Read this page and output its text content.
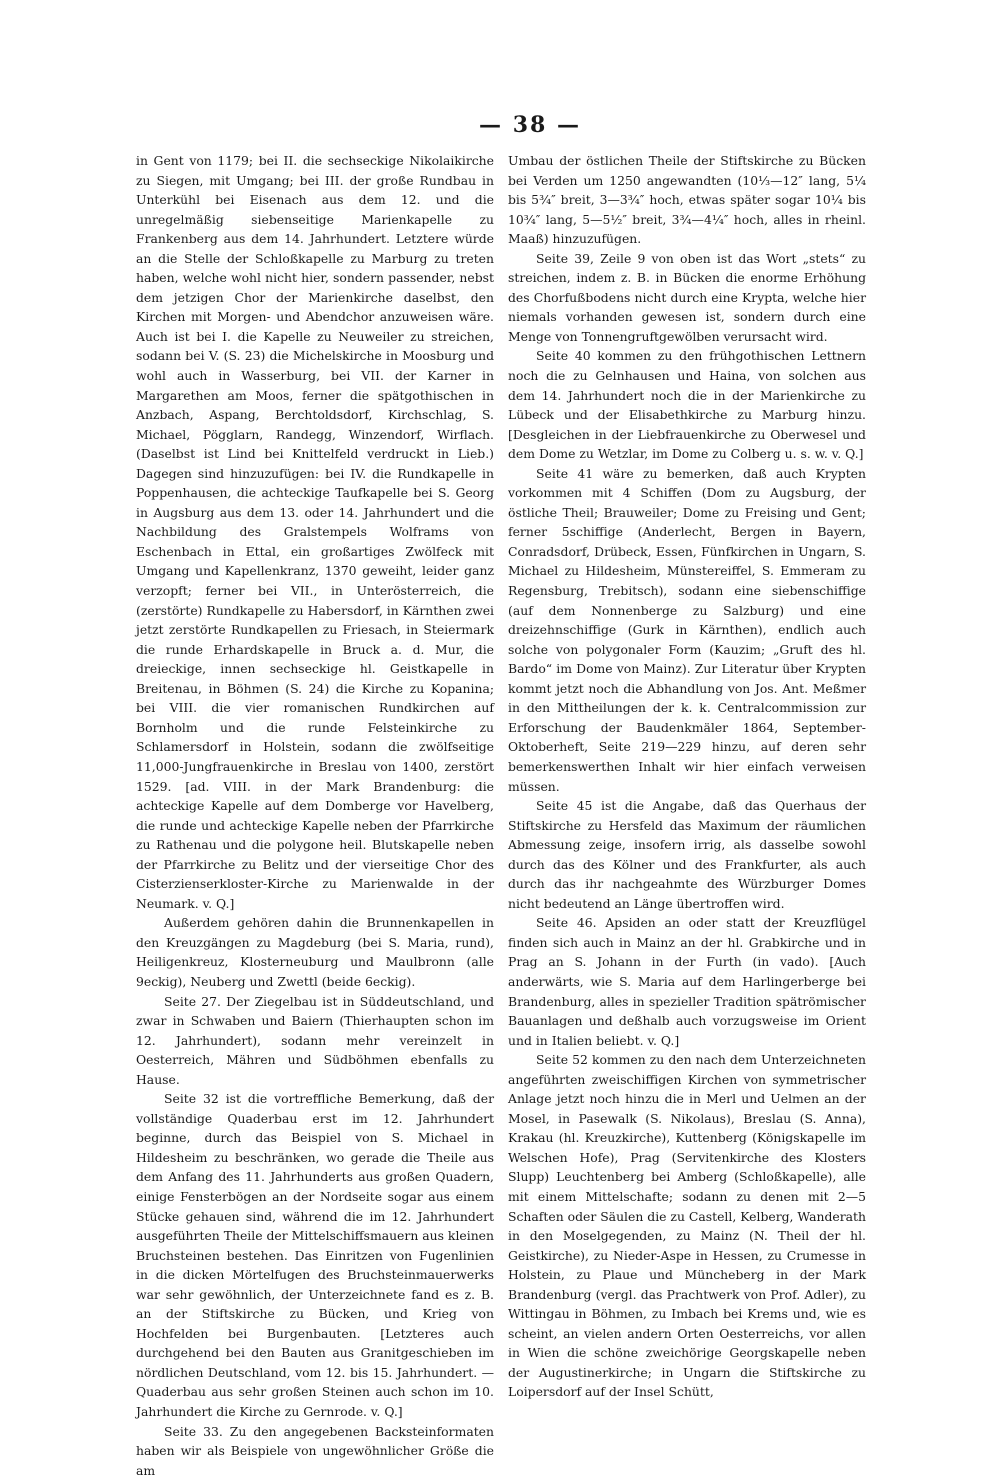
— 38 —

in Gent von 1179; bei II. die sechseckige Nikolaikirche zu Siegen, mit Umgang; bei III. der große Rundbau in Unterkühl bei Eisenach aus dem 12. und die unregelmäßig siebenseitige Marienkapelle zu Frankenberg aus dem 14. Jahrhundert. Letztere würde an die Stelle der Schloßkapelle zu Marburg zu treten haben, welche wohl nicht hier, sondern passender, nebst dem jetzigen Chor der Marienkirche daselbst, den Kirchen mit Morgen- und Abendchor anzuweisen wäre. Auch ist bei I. die Kapelle zu Neuweiler zu streichen, sodann bei V. (S. 23) die Michelskirche in Moosburg und wohl auch in Wasserburg, bei VII. der Karner in Margarethen am Moos, ferner die spätgothischen in Anzbach, Aspang, Berchtoldsdorf, Kirchschlag, S. Michael, Pögglarn, Randegg, Winzendorf, Wirflach. (Daselbst ist Lind bei Knittelfeld verdruckt in Lieb.) Dagegen sind hinzuzufügen: bei IV. die Rundkapelle in Poppenhausen, die achteckige Taufkapelle bei S. Georg in Augsburg aus dem 13. oder 14. Jahrhundert und die Nachbildung des Gralstempels Wolframs von Eschenbach in Ettal, ein großartiges Zwölfeck mit Umgang und Kapellenkranz, 1370 geweiht, leider ganz verzopft; ferner bei VII., in Unterösterreich, die (zerstörte) Rundkapelle zu Habersdorf, in Kärnthen zwei jetzt zerstörte Rundkapellen zu Friesach, in Steiermark die runde Erhardskapelle in Bruck a. d. Mur, die dreieckige, innen sechseckige hl. Geistkapelle in Breitenau, in Böhmen (S. 24) die Kirche zu Kopanina; bei VIII. die vier romanischen Rundkirchen auf Bornholm und die runde Felsteinkirche zu Schlamersdorf in Holstein, sodann die zwölfseitige 11,000-Jungfrauenkirche in Breslau von 1400, zerstört 1529. [ad. VIII. in der Mark Brandenburg: die achteckige Kapelle auf dem Domberge vor Havelberg, die runde und achteckige Kapelle neben der Pfarrkirche zu Rathenau und die polygone heil. Blutskapelle neben der Pfarrkirche zu Belitz und der vierseitige Chor des Cisterzienserkloster-Kirche zu Marienwalde in der Neumark. v. Q.]

Außerdem gehören dahin die Brunnenkapellen in den Kreuzgängen zu Magdeburg (bei S. Maria, rund), Heiligenkreuz, Klosterneuburg und Maulbronn (alle 9eckig), Neuberg und Zwettl (beide 6eckig).

Seite 27. Der Ziegelbau ist in Süddeutschland, und zwar in Schwaben und Baiern (Thierhaupten schon im 12. Jahrhundert), sodann mehr vereinzelt in Oesterreich, Mähren und Südböhmen ebenfalls zu Hause.

Seite 32 ist die vortreffliche Bemerkung, daß der vollständige Quaderbau erst im 12. Jahrhundert beginne, durch das Beispiel von S. Michael in Hildesheim zu beschränken, wo gerade die Theile aus dem Anfang des 11. Jahrhunderts aus großen Quadern, einige Fensterbögen an der Nordseite sogar aus einem Stücke gehauen sind, während die im 12. Jahrhundert ausgeführten Theile der Mittelschiffsmauern aus kleinen Bruchsteinen bestehen. Das Einritzen von Fugenlinien in die dicken Mörtelfugen des Bruchsteinmauerwerks war sehr gewöhnlich, der Unterzeichnete fand es z. B. an der Stiftskirche zu Bücken, und Krieg von Hochfelden bei Burgenbauten. [Letzteres auch durchgehend bei den Bauten aus Granitgeschieben im nördlichen Deutschland, vom 12. bis 15. Jahrhundert. — Quaderbau aus sehr großen Steinen auch schon im 10. Jahrhundert die Kirche zu Gernrode. v. Q.]

Seite 33. Zu den angegebenen Backsteinformaten haben wir als Beispiele von ungewöhnlicher Größe die am

Umbau der östlichen Theile der Stiftskirche zu Bücken bei Verden um 1250 angewandten (10⅓—12″ lang, 5¼ bis 5¾″ breit, 3—3¾″ hoch, etwas später sogar 10¼ bis 10¾″ lang, 5—5½″ breit, 3¾—4¼″ hoch, alles in rheinl. Maaß) hinzuzufügen.

Seite 39, Zeile 9 von oben ist das Wort „stets“ zu streichen, indem z. B. in Bücken die enorme Erhöhung des Chorfußbodens nicht durch eine Krypta, welche hier niemals vorhanden gewesen ist, sondern durch eine Menge von Tonnengruftgewölben verursacht wird.

Seite 40 kommen zu den frühgothischen Lettnern noch die zu Gelnhausen und Haina, von solchen aus dem 14. Jahrhundert noch die in der Marienkirche zu Lübeck und der Elisabethkirche zu Marburg hinzu. [Desgleichen in der Liebfrauenkirche zu Oberwesel und dem Dome zu Wetzlar, im Dome zu Colberg u. s. w. v. Q.]

Seite 41 wäre zu bemerken, daß auch Krypten vorkommen mit 4 Schiffen (Dom zu Augsburg, der östliche Theil; Brauweiler; Dome zu Freising und Gent; ferner 5schiffige (Anderlecht, Bergen in Bayern, Conradsdorf, Drübeck, Essen, Fünfkirchen in Ungarn, S. Michael zu Hildesheim, Münstereiffel, S. Emmeram zu Regensburg, Trebitsch), sodann eine siebenschiffige (auf dem Nonnenberge zu Salzburg) und eine dreizehnschiffige (Gurk in Kärnthen), endlich auch solche von polygonaler Form (Kauzim; „Gruft des hl. Bardo“ im Dome von Mainz). Zur Literatur über Krypten kommt jetzt noch die Abhandlung von Jos. Ant. Meßmer in den Mittheilungen der k. k. Centralcommission zur Erforschung der Baudenkmäler 1864, September-Oktoberheft, Seite 219—229 hinzu, auf deren sehr bemerkenswerthen Inhalt wir hier einfach verweisen müssen.

Seite 45 ist die Angabe, daß das Querhaus der Stiftskirche zu Hersfeld das Maximum der räumlichen Abmessung zeige, insofern irrig, als dasselbe sowohl durch das des Kölner und des Frankfurter, als auch durch das ihr nachgeahmte des Würzburger Domes nicht bedeutend an Länge übertroffen wird.

Seite 46. Apsiden an oder statt der Kreuzflügel finden sich auch in Mainz an der hl. Grabkirche und in Prag an S. Johann in der Furth (in vado). [Auch anderwärts, wie S. Maria auf dem Harlingerberge bei Brandenburg, alles in spezieller Tradition spätrömischer Bauanlagen und deßhalb auch vorzugsweise im Orient und in Italien beliebt. v. Q.]

Seite 52 kommen zu den nach dem Unterzeichneten angeführten zweischiffigen Kirchen von symmetrischer Anlage jetzt noch hinzu die in Merl und Uelmen an der Mosel, in Pasewalk (S. Nikolaus), Breslau (S. Anna), Krakau (hl. Kreuzkirche), Kuttenberg (Königskapelle im Welschen Hofe), Prag (Servitenkirche des Klosters Slupp) Leuchtenberg bei Amberg (Schloßkapelle), alle mit einem Mittelschafte; sodann zu denen mit 2—5 Schaften oder Säulen die zu Castell, Kelberg, Wanderath in den Moselgegenden, zu Mainz (N. Theil der hl. Geistkirche), zu Nieder-Aspe in Hessen, zu Crumesse in Holstein, zu Plaue und Müncheberg in der Mark Brandenburg (vergl. das Prachtwerk von Prof. Adler), zu Wittingau in Böhmen, zu Imbach bei Krems und, wie es scheint, an vielen andern Orten Oesterreichs, vor allen in Wien die schöne zweichörige Georgskapelle neben der Augustinerkirche; in Ungarn die Stiftskirche zu Loipersdorf auf der Insel Schütt,
